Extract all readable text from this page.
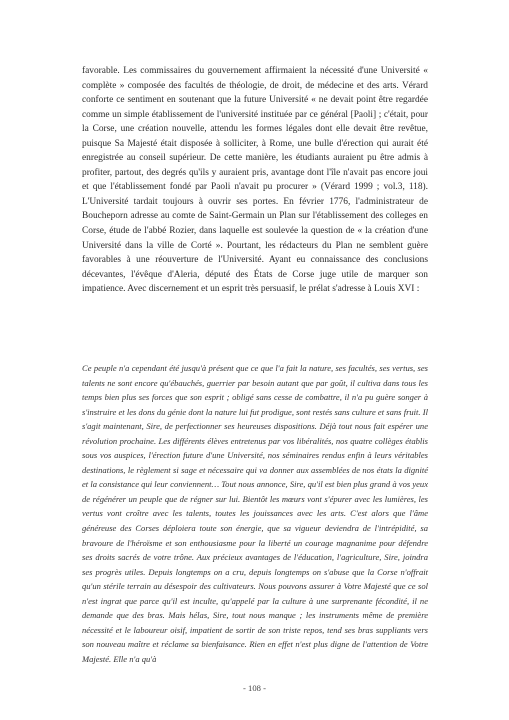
favorable. Les commissaires du gouvernement affirmaient la nécessité d'une Université « complète » composée des facultés de théologie, de droit, de médecine et des arts. Vérard conforte ce sentiment en soutenant que la future Université « ne devait point être regardée comme un simple établissement de l'université instituée par ce général [Paoli] ; c'était, pour la Corse, une création nouvelle, attendu les formes légales dont elle devait être revêtue, puisque Sa Majesté était disposée à solliciter, à Rome, une bulle d'érection qui aurait été enregistrée au conseil supérieur. De cette manière, les étudiants auraient pu être admis à profiter, partout, des degrés qu'ils y auraient pris, avantage dont l'île n'avait pas encore joui et que l'établissement fondé par Paoli n'avait pu procurer » (Vérard 1999 ; vol.3, 118). L'Université tardait toujours à ouvrir ses portes. En février 1776, l'administrateur de Boucheporn adresse au comte de Saint-Germain un Plan sur l'établissement des colleges en Corse, étude de l'abbé Rozier, dans laquelle est soulevée la question de « la création d'une Université dans la ville de Corté ». Pourtant, les rédacteurs du Plan ne semblent guère favorables à une réouverture de l'Université. Ayant eu connaissance des conclusions décevantes, l'évêque d'Aleria, député des États de Corse juge utile de marquer son impatience. Avec discernement et un esprit très persuasif, le prélat s'adresse à Louis XVI :

Ce peuple n'a cependant été jusqu'à présent que ce que l'a fait la nature, ses facultés, ses vertus, ses talents ne sont encore qu'ébauchés, guerrier par besoin autant que par goût, il cultiva dans tous les temps bien plus ses forces que son esprit ; obligé sans cesse de combattre, il n'a pu guère songer à s'instruire et les dons du génie dont la nature lui fut prodigue, sont restés sans culture et sans fruit. Il s'agit maintenant, Sire, de perfectionner ses heureuses dispositions. Déjà tout nous fait espérer une révolution prochaine. Les différents élèves entretenus par vos libéralités, nos quatre collèges établis sous vos auspices, l'érection future d'une Université, nos séminaires rendus enfin à leurs véritables destinations, le règlement si sage et nécessaire qui va donner aux assemblées de nos états la dignité et la consistance qui leur conviennent… Tout nous annonce, Sire, qu'il est bien plus grand à vos yeux de régénérer un peuple que de régner sur lui. Bientôt les mœurs vont s'épurer avec les lumières, les vertus vont croître avec les talents, toutes les jouissances avec les arts. C'est alors que l'âme généreuse des Corses déploiera toute son énergie, que sa vigueur deviendra de l'intrépidité, sa bravoure de l'héroïsme et son enthousiasme pour la liberté un courage magnanime pour défendre ses droits sacrés de votre trône. Aux précieux avantages de l'éducation, l'agriculture, Sire, joindra ses progrès utiles. Depuis longtemps on a cru, depuis longtemps on s'abuse que la Corse n'offrait qu'un stérile terrain au désespoir des cultivateurs. Nous pouvons assurer à Votre Majesté que ce sol n'est ingrat que parce qu'il est inculte, qu'appelé par la culture à une surprenante fécondité, il ne demande que des bras. Mais hélas, Sire, tout nous manque ; les instruments même de première nécessité et le laboureur oisif, impatient de sortir de son triste repos, tend ses bras suppliants vers son nouveau maître et réclame sa bienfaisance. Rien en effet n'est plus digne de l'attention de Votre Majesté. Elle n'a qu'à

- 108 -
